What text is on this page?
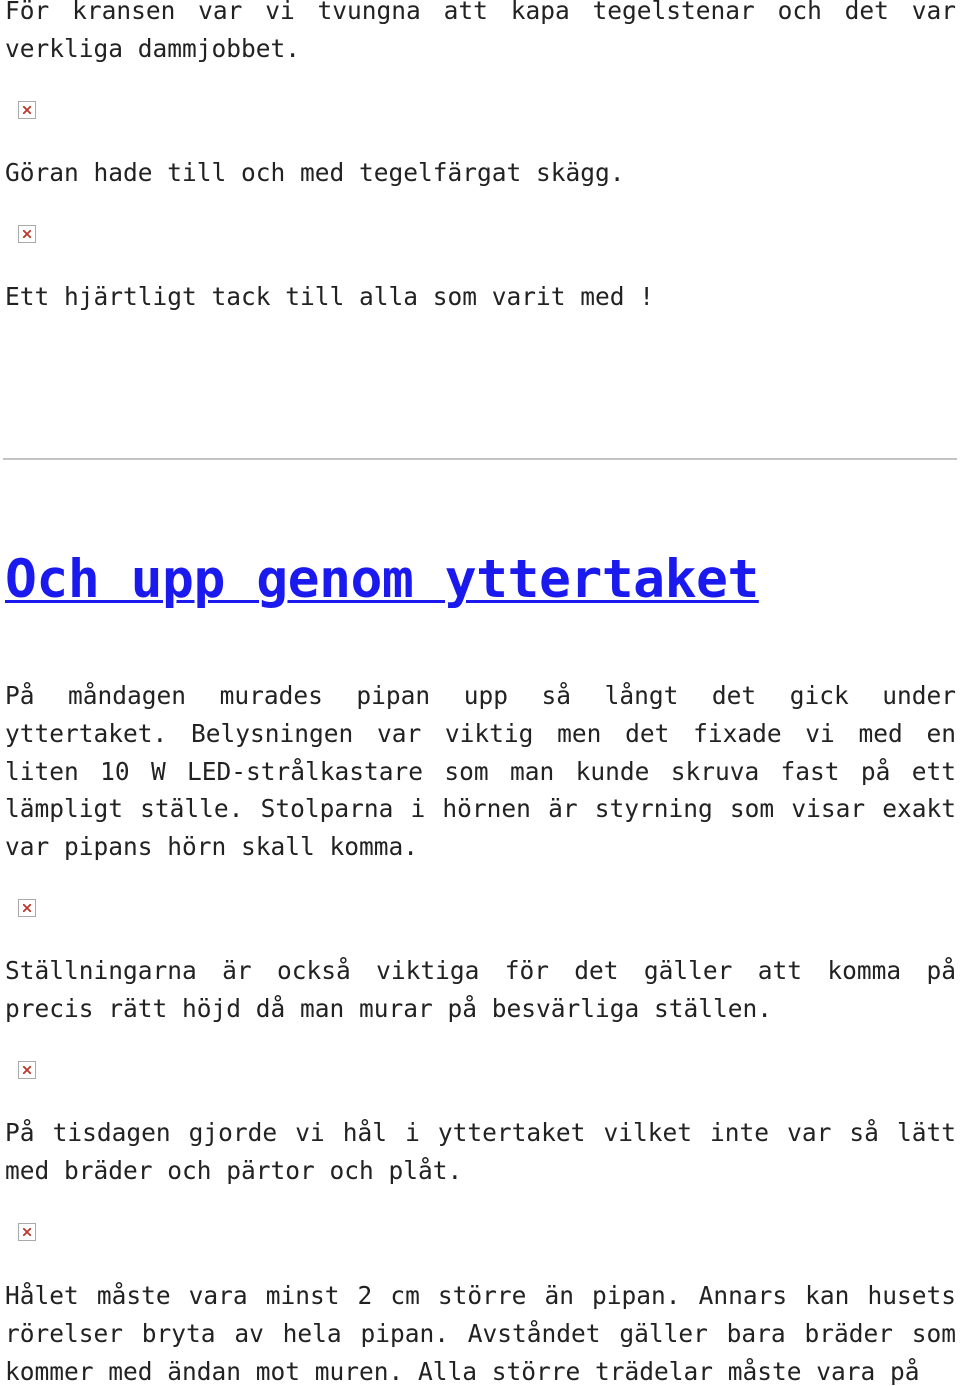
För kransen var vi tvungna att kapa tegelstenar och det var verkliga dammjobbet.

Göran hade till och med tegelfärgat skägg.

Ett hjärtligt tack till alla som varit med !

Och upp genom yttertaket

På måndagen murades pipan upp så långt det gick under yttertaket. Belysningen var viktig men det fixade vi med en liten 10 W LED-strålkastare som man kunde skruva fast på ett lämpligt ställe. Stolparna i hörnen är styrning som visar exakt var pipans hörn skall komma.

Ställningarna är också viktiga för det gäller att komma på precis rätt höjd då man murar på besvärliga ställen.

På tisdagen gjorde vi hål i yttertaket vilket inte var så lätt med bräder och pärtor och plåt.

Hålet måste vara minst 2 cm större än pipan. Annars kan husets rörelser bryta av hela pipan. Avståndet gäller bara bräder som kommer med ändan mot muren. Alla större trädelar måste vara på
